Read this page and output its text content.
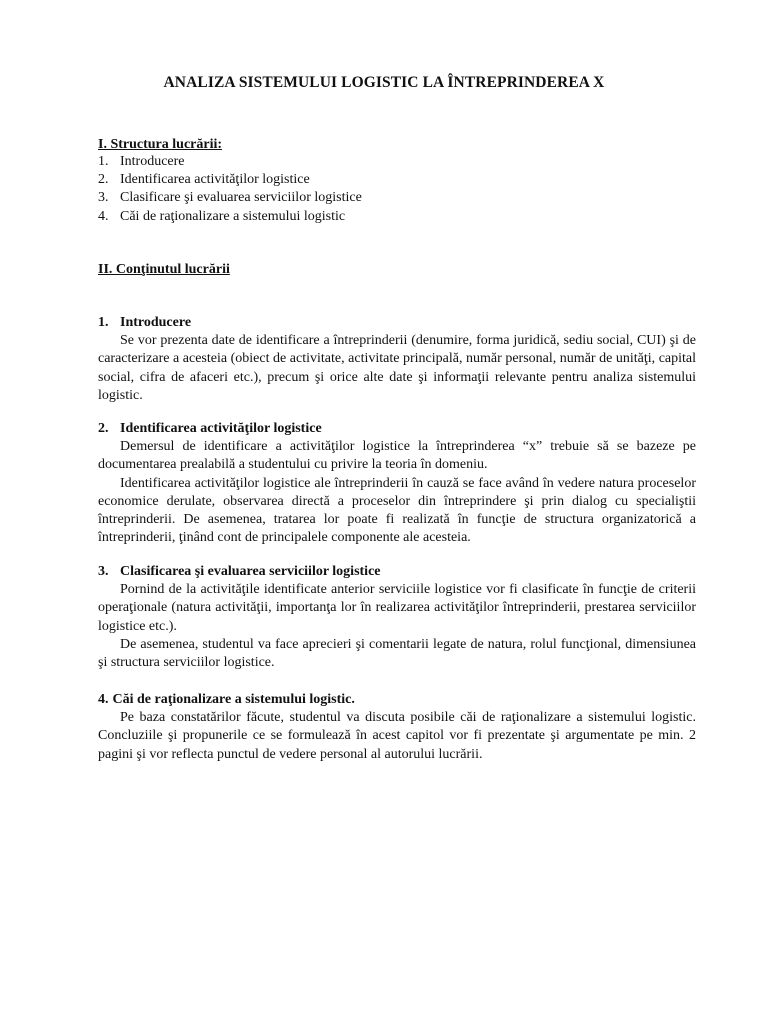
ANALIZA SISTEMULUI LOGISTIC LA ÎNTREPRINDEREA X
I. Structura lucrării:
1. Introducere
2. Identificarea activităţilor logistice
3. Clasificare şi evaluarea serviciilor logistice
4. Căi de raţionalizare a sistemului logistic
II. Conţinutul lucrării
1. Introducere
Se vor prezenta date de identificare a întreprinderii (denumire, forma juridică, sediu social, CUI) şi de caracterizare a acesteia (obiect de activitate, activitate principală, număr personal, număr de unităţi, capital social, cifra de afaceri etc.), precum şi orice alte date şi informaţii relevante pentru analiza sistemului logistic.
2. Identificarea activităţilor logistice
Demersul de identificare a activităţilor logistice la întreprinderea “x” trebuie să se bazeze pe documentarea prealabilă a studentului cu privire la teoria în domeniu.
Identificarea activităţilor logistice ale întreprinderii în cauză se face având în vedere natura proceselor economice derulate, observarea directă a proceselor din întreprindere şi prin dialog cu specialiştii întreprinderii. De asemenea, tratarea lor poate fi realizată în funcţie de structura organizatorică a întreprinderii, ţinând cont de principalele componente ale acesteia.
3. Clasificarea şi evaluarea serviciilor logistice
Pornind de la activităţile identificate anterior serviciile logistice vor fi clasificate în funcţie de criterii operaţionale (natura activităţii, importanţa lor în realizarea activităţilor întreprinderii, prestarea serviciilor logistice etc.).
De asemenea, studentul va face aprecieri şi comentarii legate de natura, rolul funcţional, dimensiunea şi structura serviciilor logistice.
4. Căi de raţionalizare a sistemului logistic.
Pe baza constatărilor făcute, studentul va discuta posibile căi de raţionalizare a sistemului logistic. Concluziile şi propunerile ce se formulează în acest capitol vor fi prezentate şi argumentate pe min. 2 pagini şi vor reflecta punctul de vedere personal al autorului lucrării.
